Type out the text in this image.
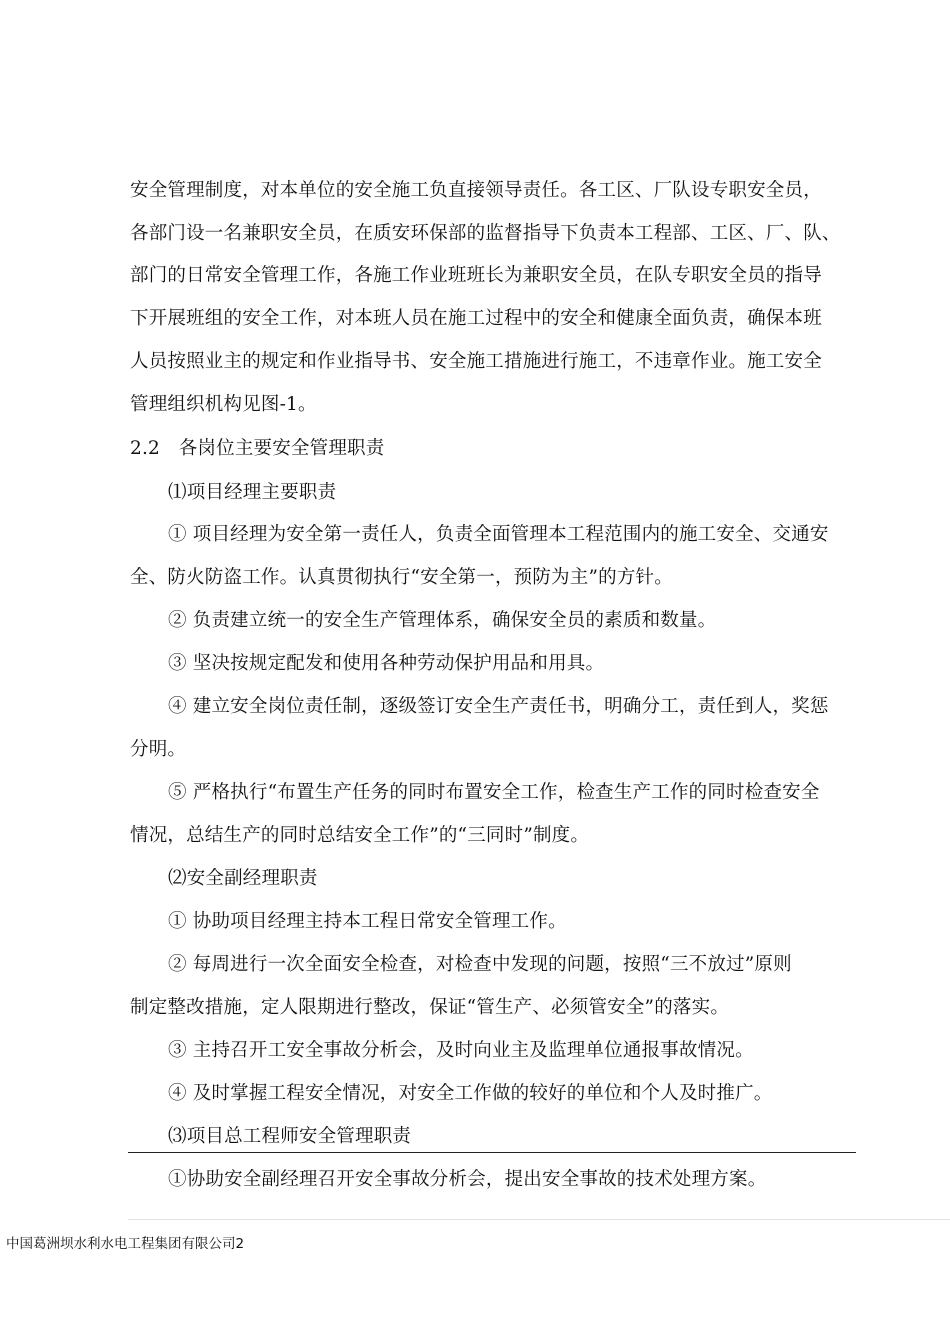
安全管理制度，对本单位的安全施工负直接领导责任。各工区、厂队设专职安全员，

各部门设一名兼职安全员，在质安环保部的监督指导下负责本工程部、工区、厂、队、

部门的日常安全管理工作，各施工作业班班长为兼职安全员，在队专职安全员的指导

下开展班组的安全工作，对本班人员在施工过程中的安全和健康全面负责，确保本班

人员按照业主的规定和作业指导书、安全施工措施进行施工，不违章作业。施工安全

管理组织机构见图-1。

2.2　各岗位主要安全管理职责

⑴项目经理主要职责

① 项目经理为安全第一责任人，负责全面管理本工程范围内的施工安全、交通安

全、防火防盗工作。认真贯彻执行“安全第一，预防为主”的方针。

② 负责建立统一的安全生产管理体系，确保安全员的素质和数量。

③ 坚决按规定配发和使用各种劳动保护用品和用具。

④ 建立安全岗位责任制，逐级签订安全生产责任书，明确分工，责任到人，奖惩

分明。

⑤ 严格执行“布置生产任务的同时布置安全工作，检查生产工作的同时检查安全

情况，总结生产的同时总结安全工作”的“三同时”制度。

⑵安全副经理职责

① 协助项目经理主持本工程日常安全管理工作。

② 每周进行一次全面安全检查，对检查中发现的问题，按照“三不放过”原则

制定整改措施，定人限期进行整改，保证“管生产、必须管安全”的落实。

③ 主持召开工安全事故分析会，及时向业主及监理单位通报事故情况。

④ 及时掌握工程安全情况，对安全工作做的较好的单位和个人及时推广。

⑶项目总工程师安全管理职责

①协助安全副经理召开安全事故分析会，提出安全事故的技术处理方案。

中国葛洲坝水利水电工程集团有限公司2
